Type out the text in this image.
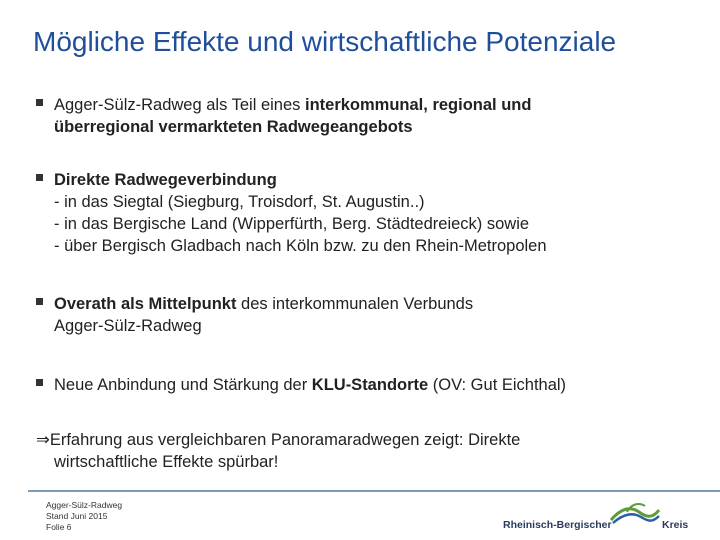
Mögliche Effekte und wirtschaftliche Potenziale
Agger-Sülz-Radweg als Teil eines interkommunal, regional und
überregional vermarkteten Radwegeangebots
Direkte Radwegeverbindung
- in das Siegtal (Siegburg, Troisdorf, St. Augustin..)
- in das Bergische Land (Wipperfürth, Berg. Städtedreieck) sowie
- über Bergisch Gladbach nach Köln bzw. zu den Rhein-Metropolen
Overath als Mittelpunkt des interkommunalen Verbunds
Agger-Sülz-Radweg
Neue Anbindung und Stärkung der KLU-Standorte (OV: Gut Eichthal)
⇒Erfahrung aus vergleichbaren Panoramaradwegen zeigt: Direkte
wirtschaftliche Effekte spürbar!
Agger-Sülz-Radweg
Stand Juni 2015
Folie 6	Rheinisch-Bergischer	Kreis
